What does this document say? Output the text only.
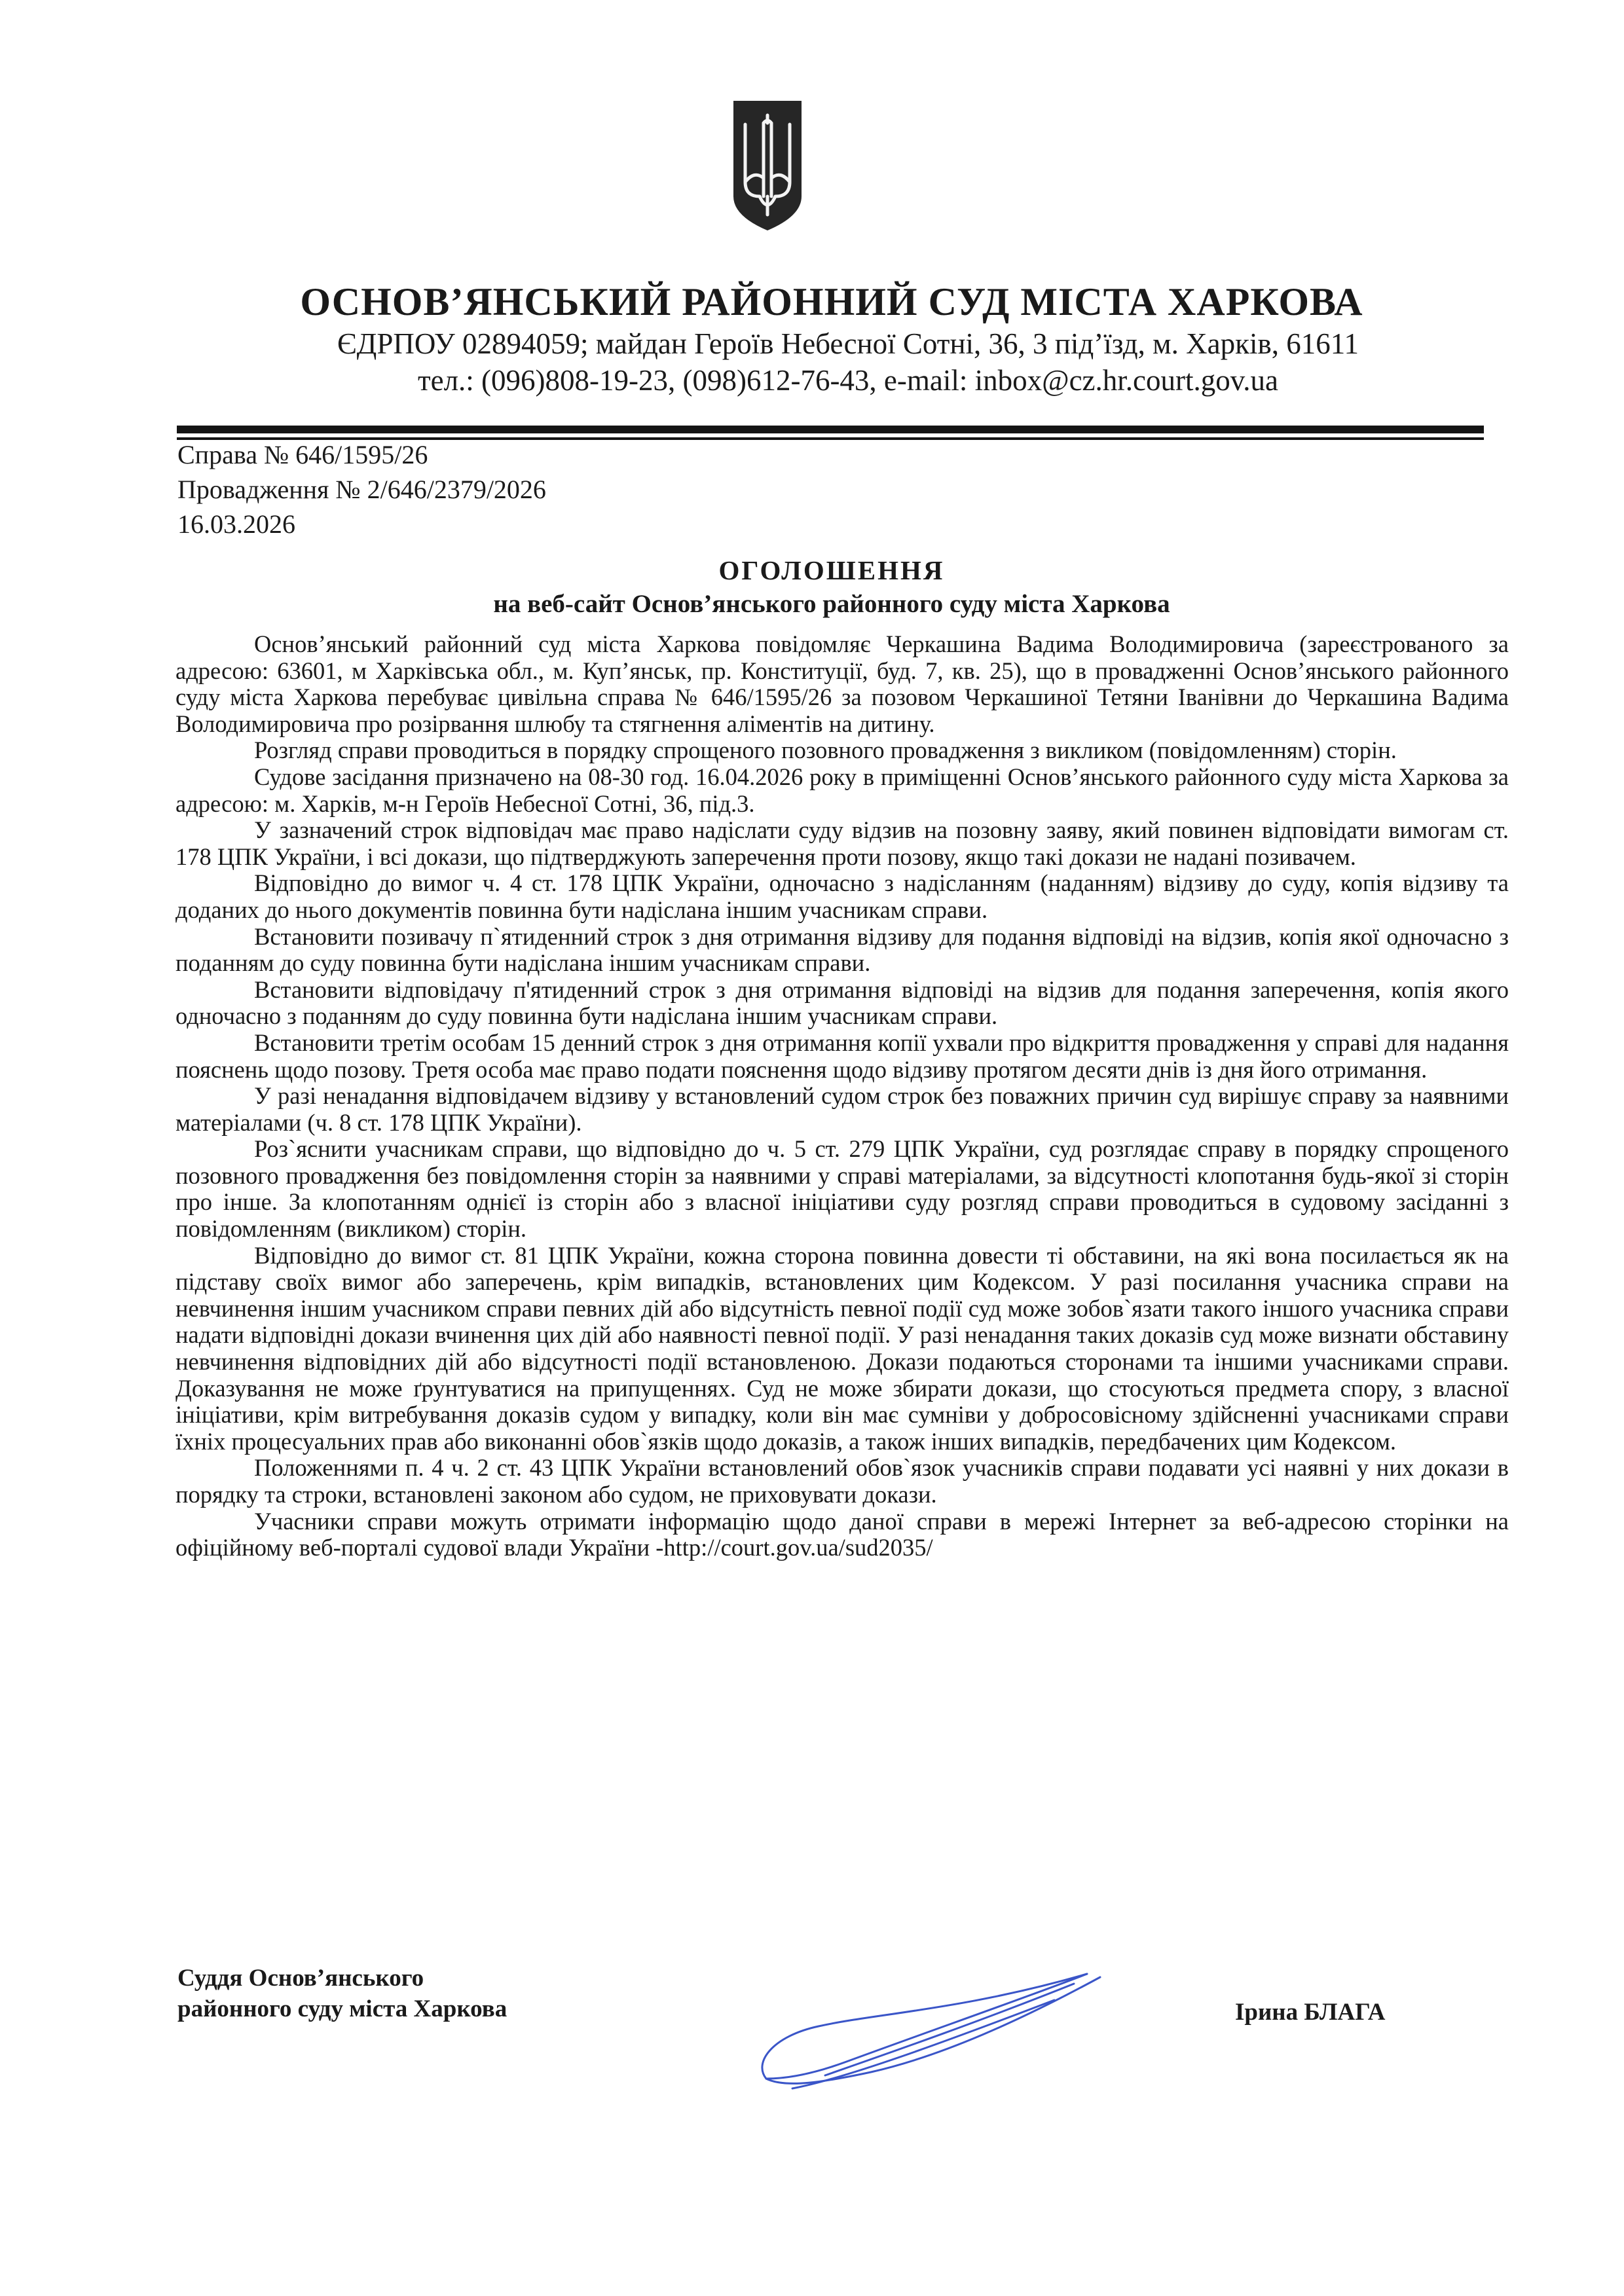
ОСНОВ’ЯНСЬКИЙ РАЙОННИЙ СУД МІСТА ХАРКОВА
ЄДРПОУ 02894059; майдан Героїв Небесної Сотні, 36, 3 під’їзд, м. Харків, 61611
тел.: (096)808-19-23, (098)612-76-43, e-mail: inbox@cz.hr.court.gov.ua
Справа № 646/1595/26
Провадження № 2/646/2379/2026
16.03.2026
ОГОЛОШЕННЯ
на веб-сайт Основ’янського районного суду міста Харкова

Основ’янський районний суд міста Харкова повідомляє Черкашина Вадима Володимировича (зареєстрованого за адресою: 63601, м Харківська обл., м. Куп’янськ, пр. Конституції, буд. 7, кв. 25), що в провадженні Основ’янського районного суду міста Харкова перебуває цивільна справа № 646/1595/26 за позовом Черкашиної Тетяни Іванівни до Черкашина Вадима Володимировича про розірвання шлюбу та стягнення аліментів на дитину.

Розгляд справи проводиться в порядку спрощеного позовного провадження з викликом (повідомленням) сторін.

Судове засідання призначено на 08-30 год. 16.04.2026 року в приміщенні Основ’янського районного суду міста Харкова за адресою: м. Харків, м-н Героїв Небесної Сотні, 36, під.3.

У зазначений строк відповідач має право надіслати суду відзив на позовну заяву, який повинен відповідати вимогам ст. 178 ЦПК України, і всі докази, що підтверджують заперечення проти позову, якщо такі докази не надані позивачем.

Відповідно до вимог ч. 4 ст. 178 ЦПК України, одночасно з надісланням (наданням) відзиву до суду, копія відзиву та доданих до нього документів повинна бути надіслана іншим учасникам справи.

Встановити позивачу п`ятиденний строк з дня отримання відзиву для подання відповіді на відзив, копія якої одночасно з поданням до суду повинна бути надіслана іншим учасникам справи.

Встановити відповідачу п'ятиденний строк з дня отримання відповіді на відзив для подання заперечення, копія якого одночасно з поданням до суду повинна бути надіслана іншим учасникам справи.

Встановити третім особам 15 денний строк з дня отримання копії ухвали про відкриття провадження у справі для надання пояснень щодо позову. Третя особа має право подати пояснення щодо відзиву протягом десяти днів із дня його отримання.

У разі ненадання відповідачем відзиву у встановлений судом строк без поважних причин суд вирішує справу за наявними матеріалами (ч. 8 ст. 178 ЦПК України).

Роз`яснити учасникам справи, що відповідно до ч. 5 ст. 279 ЦПК України, суд розглядає справу в порядку спрощеного позовного провадження без повідомлення сторін за наявними у справі матеріалами, за відсутності клопотання будь-якої зі сторін про інше. За клопотанням однієї із сторін або з власної ініціативи суду розгляд справи проводиться в судовому засіданні з повідомленням (викликом) сторін.

Відповідно до вимог ст. 81 ЦПК України, кожна сторона повинна довести ті обставини, на які вона посилається як на підставу своїх вимог або заперечень, крім випадків, встановлених цим Кодексом. У разі посилання учасника справи на невчинення іншим учасником справи певних дій або відсутність певної події суд може зобов`язати такого іншого учасника справи надати відповідні докази вчинення цих дій або наявності певної події. У разі ненадання таких доказів суд може визнати обставину невчинення відповідних дій або відсутності події встановленою. Докази подаються сторонами та іншими учасниками справи. Доказування не може ґрунтуватися на припущеннях. Суд не може збирати докази, що стосуються предмета спору, з власної ініціативи, крім витребування доказів судом у випадку, коли він має сумніви у добросовісному здійсненні учасниками справи їхніх процесуальних прав або виконанні обов`язків щодо доказів, а також інших випадків, передбачених цим Кодексом.

Положеннями п. 4 ч. 2 ст. 43 ЦПК України встановлений обов`язок учасників справи подавати усі наявні у них докази в порядку та строки, встановлені законом або судом, не приховувати докази.

Учасники справи можуть отримати інформацію щодо даної справи в мережі Інтернет за веб-адресою сторінки на офіційному веб-порталі судової влади України -http://court.gov.ua/sud2035/

Суддя Основ’янського
районного суду міста Харкова	Ірина БЛАГА
